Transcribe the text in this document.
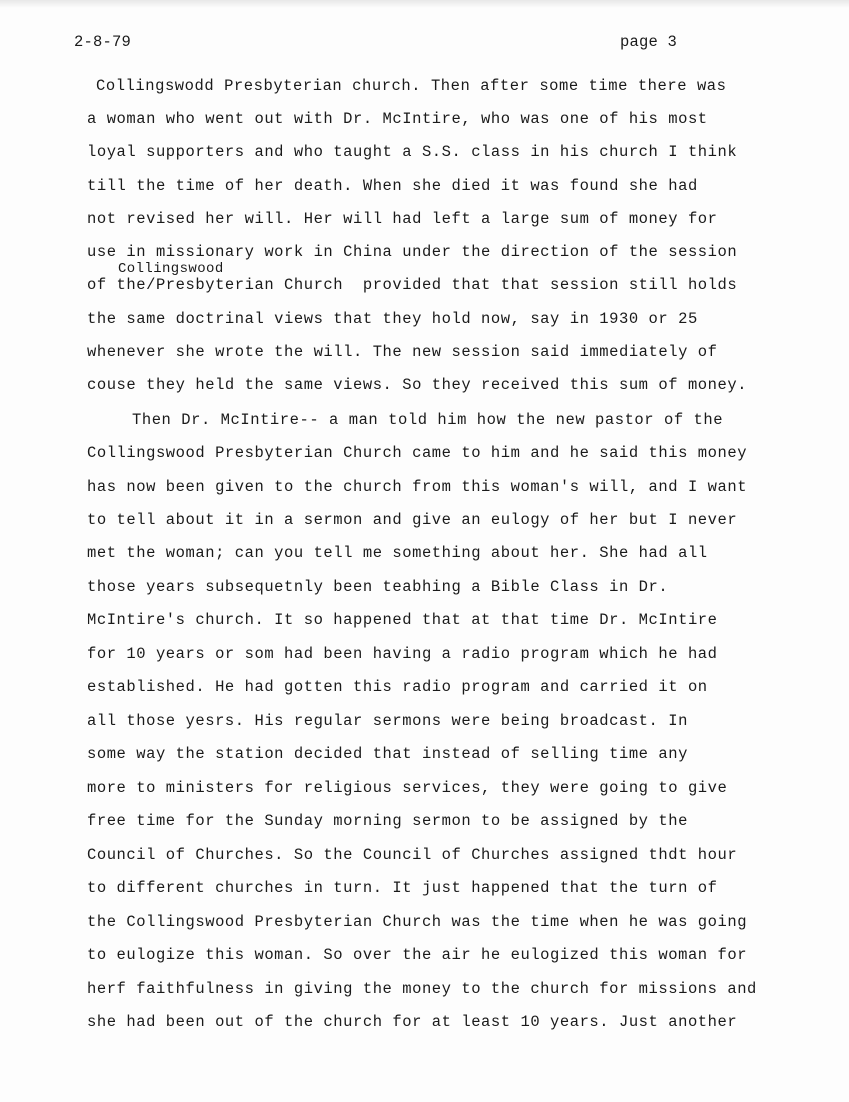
2-8-79	page 3
Collingswodd Presbyterian church. Then after some time there was
a woman who went out with Dr. McIntire, who was one of his most
loyal supporters and who taught a S.S. class in his church I think
till the time of her death. When she died it was found she had
not revised her will. Her will had left a large sum of money for
use in missionary work in China under the direction of the session
Collingswood
of the/Presbyterian Church  provided that that session still holds
the same doctrinal views that they hold now, say in 1930 or 25
whenever she wrote the will. The new session said immediately of
couse they held the same views. So they received this sum of money.
Then Dr. McIntire-- a man told him how the new pastor of the
Collingswood Presbyterian Church came to him and he said this money
has now been given to the church from this woman's will, and I want
to tell about it in a sermon and give an eulogy of her but I never
met the woman; can you tell me something about her. She had all
those years subsequetnly been teabhing a Bible Class in Dr.
McIntire's church. It so happened that at that time Dr. McIntire
for 10 years or som had been having a radio program which he had
established. He had gotten this radio program and carried it on
all those yesrs. His regular sermons were being broadcast. In
some way the station decided that instead of selling time any
more to ministers for religious services, they were going to give
free time for the Sunday morning sermon to be assigned by the
Council of Churches. So the Council of Churches assigned thdt hour
to different churches in turn. It just happened that the turn of
the Collingswood Presbyterian Church was the time when he was going
to eulogize this woman. So over the air he eulogized this woman for
herf faithfulness in giving the money to the church for missions and
she had been out of the church for at least 10 years. Just another
